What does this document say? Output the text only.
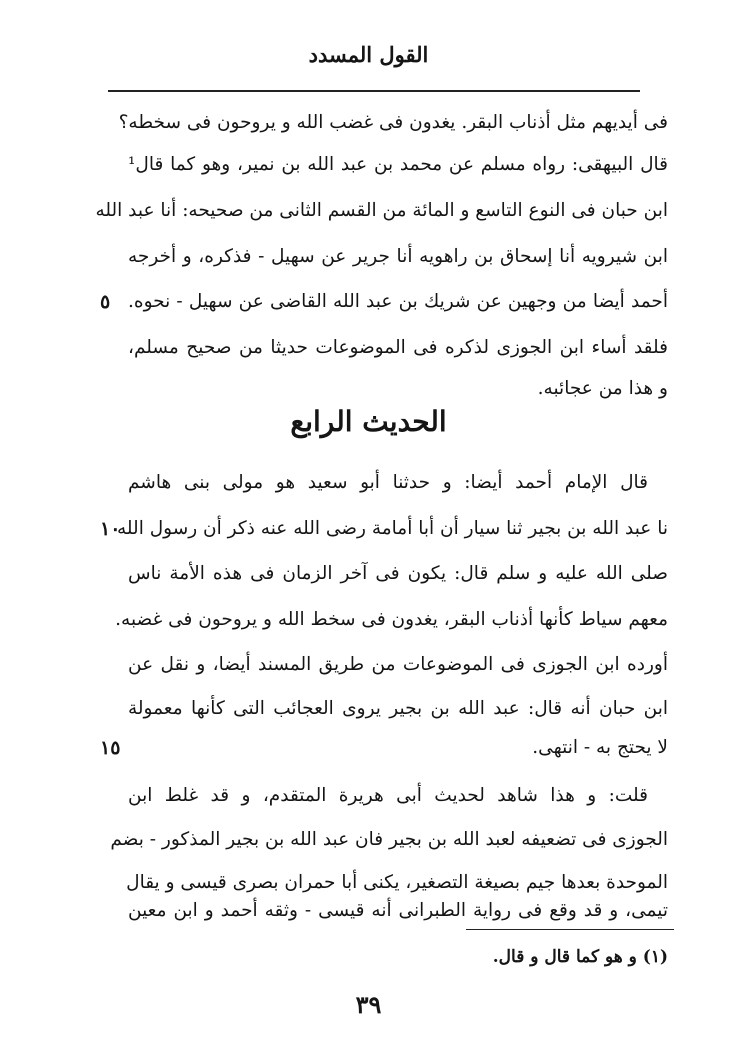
القول المسدد
فى أيديهم مثل أذناب البقر. يغدون فى غضب الله و يروحون فى سخطه؟
قال البيهقى: رواه مسلم عن محمد بن عبد الله بن نمير، وهو كما قال¹
ابن حبان فى النوع التاسع و المائة من القسم الثانى من صحيحه: أنا عبد الله
ابن شيرويه أنا إسحاق بن راهويه أنا جرير عن سهيل - فذكره، و أخرجه
أحمد أيضا من وجهين عن شريك بن عبد الله القاضى عن سهيل - نحوه.
٥
فلقد أساء ابن الجوزى لذكره فى الموضوعات حديثا من صحيح مسلم،
و هذا من عجائبه.
الحديث الرابع
قال الإمام أحمد أيضا: و حدثنا أبو سعيد هو مولى بنى هاشم
نا عبد الله بن بجير ثنا سيار أن أبا أمامة رضى الله عنه ذكر أن رسول الله
١٠
صلى الله عليه و سلم قال: يكون فى آخر الزمان فى هذه الأمة ناس
معهم سياط كأنها أذناب البقر، يغدون فى سخط الله و يروحون فى غضبه.
أورده ابن الجوزى فى الموضوعات من طريق المسند أيضا، و نقل عن
ابن حبان أنه قال: عبد الله بن بجير يروى العجائب التى كأنها معمولة
لا يحتج به - انتهى.
١٥
قلت: و هذا شاهد لحديث أبى هريرة المتقدم، و قد غلط ابن
الجوزى فى تضعيفه لعبد الله بن بجير فان عبد الله بن بجير المذكور - بضم
الموحدة بعدها جيم بصيغة التصغير، يكنى أبا حمران بصرى قيسى و يقال
تيمى، و قد وقع فى رواية الطبرانى أنه قيسى - وثقه أحمد و ابن معين
(١) و هو كما قال و قال.
٣٩
